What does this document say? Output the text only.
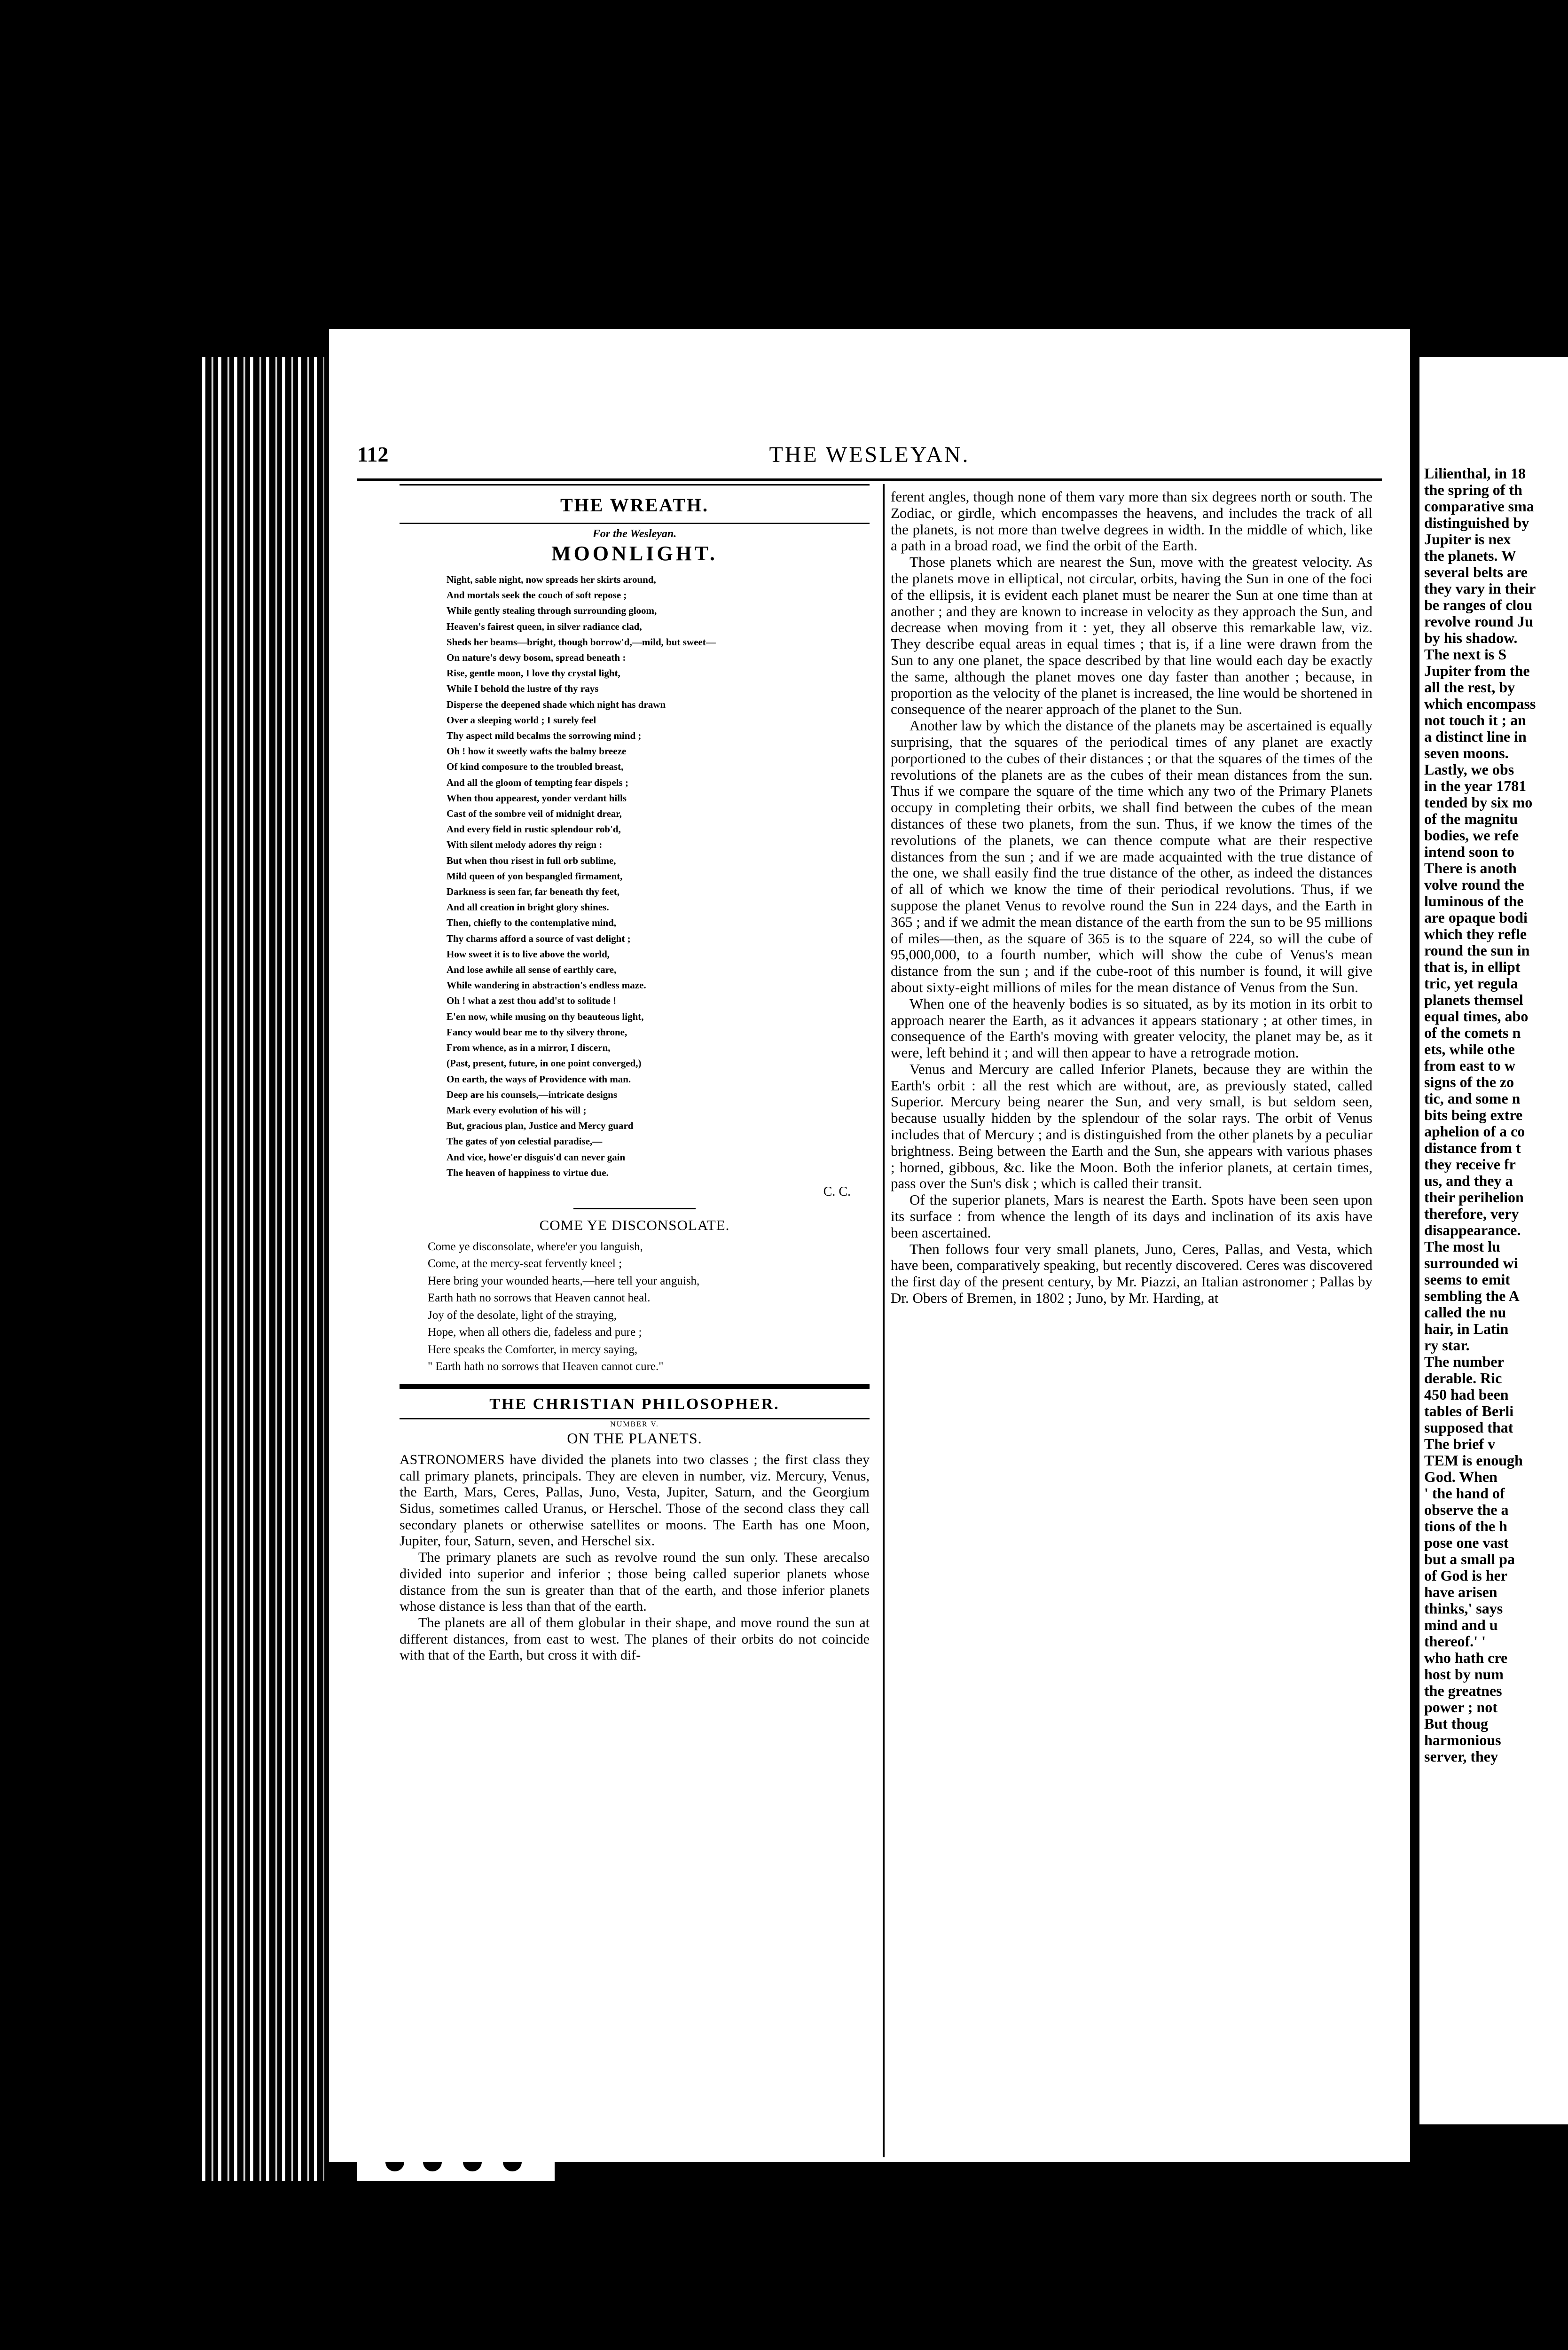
112	THE WESLEYAN.
THE WREATH.
For the Wesleyan.
MOONLIGHT.
Night, sable night, now spreads her skirts around,
And mortals seek the couch of soft repose ;
While gently stealing through surrounding gloom,
Heaven's fairest queen, in silver radiance clad,
Sheds her beams—bright, though borrow'd,—mild, but sweet—
On nature's dewy bosom, spread beneath :
Rise, gentle moon, I love thy crystal light,
While I behold the lustre of thy rays
Disperse the deepened shade which night has drawn
Over a sleeping world ; I surely feel
Thy aspect mild becalms the sorrowing mind ;
Oh ! how it sweetly wafts the balmy breeze
Of kind composure to the troubled breast,
And all the gloom of tempting fear dispels ;
When thou appearest, yonder verdant hills
Cast of the sombre veil of midnight drear,
And every field in rustic splendour rob'd,
With silent melody adores thy reign :
But when thou risest in full orb sublime,
Mild queen of yon bespangled firmament,
Darkness is seen far, far beneath thy feet,
And all creation in bright glory shines.
Then, chiefly to the contemplative mind,
Thy charms afford a source of vast delight ;
How sweet it is to live above the world,
And lose awhile all sense of earthly care,
While wandering in abstraction's endless maze.
Oh ! what a zest thou add'st to solitude !
E'en now, while musing on thy beauteous light,
Fancy would bear me to thy silvery throne,
From whence, as in a mirror, I discern,
(Past, present, future, in one point converged,)
On earth, the ways of Providence with man.
Deep are his counsels,—intricate designs
Mark every evolution of his will ;
But, gracious plan, Justice and Mercy guard
The gates of yon celestial paradise,—
And vice, howe'er disguis'd can never gain
The heaven of happiness to virtue due.
C. C.
COME YE DISCONSOLATE.
Come ye disconsolate, where'er you languish,
Come, at the mercy-seat fervently kneel ;
Here bring your wounded hearts,—here tell your anguish,
Earth hath no sorrows that Heaven cannot heal.
Joy of the desolate, light of the straying,
Hope, when all others die, fadeless and pure ;
Here speaks the Comforter, in mercy saying,
" Earth hath no sorrows that Heaven cannot cure."
THE CHRISTIAN PHILOSOPHER.
NUMBER V.
ON THE PLANETS.

ASTRONOMERS have divided the planets into two classes ; the first class they call primary planets, principals. They are eleven in number, viz. Mercury, Venus, the Earth, Mars, Ceres, Pallas, Juno, Vesta, Jupiter, Saturn, and the Georgium Sidus, sometimes called Uranus, or Herschel. Those of the second class they call secondary planets or otherwise satellites or moons. The Earth has one Moon, Jupiter, four, Saturn, seven, and Herschel six.

The primary planets are such as revolve round the sun only. These arecalso divided into superior and inferior ; those being called superior planets whose distance from the sun is greater than that of the earth, and those inferior planets whose distance is less than that of the earth.

The planets are all of them globular in their shape, and move round the sun at different distances, from east to west. The planes of their orbits do not coincide with that of the Earth, but cross it with dif-

ferent angles, though none of them vary more than six degrees north or south. The Zodiac, or girdle, which encompasses the heavens, and includes the track of all the planets, is not more than twelve degrees in width. In the middle of which, like a path in a broad road, we find the orbit of the Earth.

Those planets which are nearest the Sun, move with the greatest velocity. As the planets move in elliptical, not circular, orbits, having the Sun in one of the foci of the ellipsis, it is evident each planet must be nearer the Sun at one time than at another ; and they are known to increase in velocity as they approach the Sun, and decrease when moving from it : yet, they all observe this remarkable law, viz. They describe equal areas in equal times ; that is, if a line were drawn from the Sun to any one planet, the space described by that line would each day be exactly the same, although the planet moves one day faster than another ; because, in proportion as the velocity of the planet is increased, the line would be shortened in consequence of the nearer approach of the planet to the Sun.

Another law by which the distance of the planets may be ascertained is equally surprising, that the squares of the periodical times of any planet are exactly porportioned to the cubes of their distances ; or that the squares of the times of the revolutions of the planets are as the cubes of their mean distances from the sun. Thus if we compare the square of the time which any two of the Primary Planets occupy in completing their orbits, we shall find between the cubes of the mean distances of these two planets, from the sun. Thus, if we know the times of the revolutions of the planets, we can thence compute what are their respective distances from the sun ; and if we are made acquainted with the true distance of the one, we shall easily find the true distance of the other, as indeed the distances of all of which we know the time of their periodical revolutions. Thus, if we suppose the planet Venus to revolve round the Sun in 224 days, and the Earth in 365 ; and if we admit the mean distance of the earth from the sun to be 95 millions of miles—then, as the square of 365 is to the square of 224, so will the cube of 95,000,000, to a fourth number, which will show the cube of Venus's mean distance from the sun ; and if the cube-root of this number is found, it will give about sixty-eight millions of miles for the mean distance of Venus from the Sun.

When one of the heavenly bodies is so situated, as by its motion in its orbit to approach nearer the Earth, as it advances it appears stationary ; at other times, in consequence of the Earth's moving with greater velocity, the planet may be, as it were, left behind it ; and will then appear to have a retrograde motion.

Venus and Mercury are called Inferior Planets, because they are within the Earth's orbit : all the rest which are without, are, as previously stated, called Superior. Mercury being nearer the Sun, and very small, is but seldom seen, because usually hidden by the splendour of the solar rays. The orbit of Venus includes that of Mercury ; and is distinguished from the other planets by a peculiar brightness. Being between the Earth and the Sun, she appears with various phases ; horned, gibbous, &c. like the Moon. Both the inferior planets, at certain times, pass over the Sun's disk ; which is called their transit.

Of the superior planets, Mars is nearest the Earth. Spots have been seen upon its surface : from whence the length of its days and inclination of its axis have been ascertained.

Then follows four very small planets, Juno, Ceres, Pallas, and Vesta, which have been, comparatively speaking, but recently discovered. Ceres was discovered the first day of the present century, by Mr. Piazzi, an Italian astronomer ; Pallas by Dr. Obers of Bremen, in 1802 ; Juno, by Mr. Harding, at

Lilienthal, in 18
the spring of th
comparative sma
distinguished by
Jupiter is nex
the planets. W
several belts are
they vary in their
be ranges of clou
revolve round Ju
by his shadow.
The next is S
Jupiter from the
all the rest, by
which encompass
not touch it ; an
a distinct line in
seven moons.
Lastly, we obs
in the year 1781
tended by six mo
of the magnitu
bodies, we refe
intend soon to
There is anoth
volve round the
luminous of the
are opaque bodi
which they refle
round the sun in
that is, in ellipt
tric, yet regula
planets themsel
equal times, abo
of the comets n
ets, while othe
from east to w
signs of the zo
tic, and some n
bits being extre
aphelion of a co
distance from t
they receive fr
us, and they a
their perihelion
therefore, very
disappearance.
The most lu
surrounded wi
seems to emit
sembling the A
called the nu
hair, in Latin
ry star.
The number
derable. Ric
450 had been
tables of Berli
supposed that
The brief v
TEM is enough
God. When
' the hand of
observe the a
tions of the h
pose one vast
but a small pa
of God is her
have arisen
thinks,' says
mind and u
thereof.' '
who hath cre
host by num
the greatnes
power ; not
But thoug
harmonious
server, they
